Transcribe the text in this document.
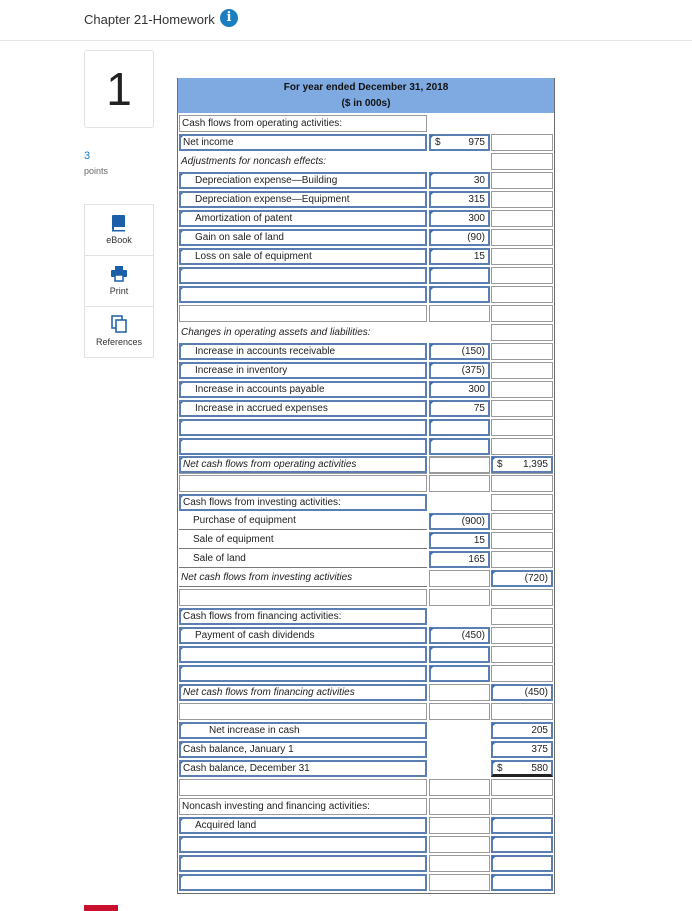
Chapter 21-Homework i
1
3
points
eBook
Print
References
For year ended December 31, 2018
($ in 000s)
Cash flows from operating activities:
Net income	$	975
Adjustments for noncash effects:
Depreciation expense—Building	30
Depreciation expense—Equipment	315
Amortization of patent	300
Gain on sale of land	(90)
Loss on sale of equipment	15
Changes in operating assets and liabilities:
Increase in accounts receivable	(150)
Increase in inventory	(375)
Increase in accounts payable	300
Increase in accrued expenses	75
Net cash flows from operating activities	$ 1,395
Cash flows from investing activities:
Purchase of equipment	(900)
Sale of equipment	15
Sale of land	165
Net cash flows from investing activities	(720)
Cash flows from financing activities:
Payment of cash dividends	(450)
Net cash flows from financing activities	(450)
Net increase in cash	205
Cash balance, January 1	375
Cash balance, December 31	$	580
Noncash investing and financing activities:
Acquired land
